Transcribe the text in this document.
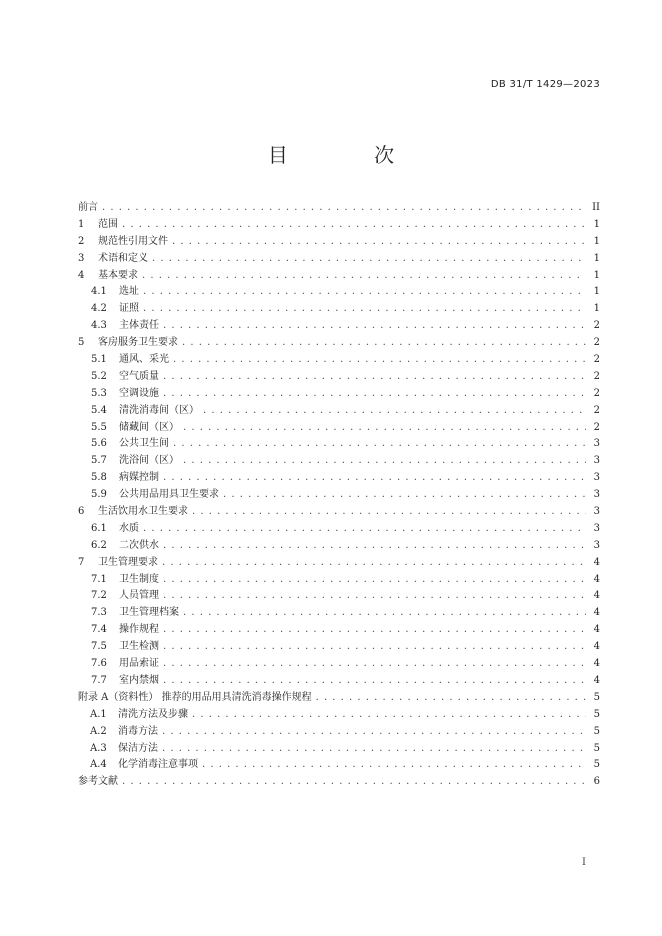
DB 31/T 1429—2023
目 次
前言 . . .	II
1	范围 . . .	1
2	规范性引用文件 . . .	1
3	术语和定义 . . .	1
4	基本要求 . . .	1
4.1	选址 . . .	1
4.2	证照 . . .	1
4.3	主体责任 . . .	2
5	客房服务卫生要求 . . .	2
5.1	通风、采光 . . .	2
5.2	空气质量 . . .	2
5.3	空调设施 . . .	2
5.4	清洗消毒间（区） . . .	2
5.5	储藏间（区） . . .	2
5.6	公共卫生间 . . .	3
5.7	洗浴间（区） . . .	3
5.8	病媒控制 . . .	3
5.9	公共用品用具卫生要求 . . .	3
6	生活饮用水卫生要求 . . .	3
6.1	水质 . . .	3
6.2	二次供水 . . .	3
7	卫生管理要求 . . .	4
7.1	卫生制度 . . .	4
7.2	人员管理 . . .	4
7.3	卫生管理档案 . . .	4
7.4	操作规程 . . .	4
7.5	卫生检测 . . .	4
7.6	用品索证 . . .	4
7.7	室内禁烟 . . .	4
附录 A（资料性） 推荐的用品用具清洗消毒操作规程 . . .	5
A.1	清洗方法及步骤 . . .	5
A.2	消毒方法 . . .	5
A.3	保洁方法 . . .	5
A.4	化学消毒注意事项 . . .	5
参考文献 . . .	6
I
